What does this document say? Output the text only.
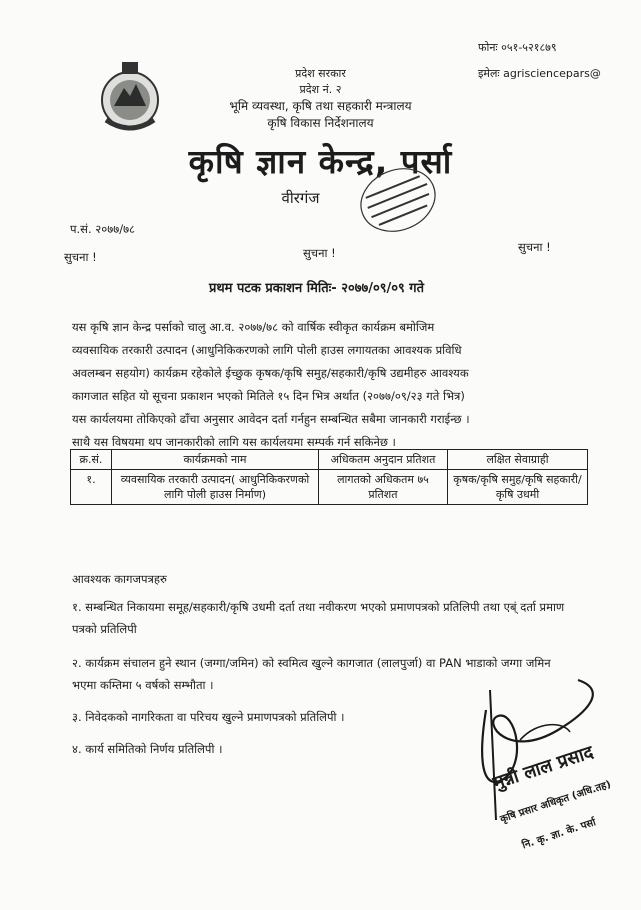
फोनः ०५१-५२१८७९
इमेलः agrisciencepars@
प्रदेश सरकार
प्रदेश नं. २
भूमि व्यवस्था, कृषि तथा सहकारी मन्त्रालय
कृषि विकास निर्देशनालय
कृषि ज्ञान केन्द्र, पर्सा
वीरगंज
प.सं. २०७७/७८
सुचना !	सुचना !	सुचना !
प्रथम पटक प्रकाशन मितिः- २०७७/०९/०९ गते
यस कृषि ज्ञान केन्द्र पर्साको चालु आ.व. २०७७/७८ को वार्षिक स्वीकृत कार्यक्रम बमोजिम
व्यवसायिक तरकारी उत्पादन (आधुनिकिकरणको लागि पोली हाउस लगायतका आवश्यक प्रविधि
अवलम्बन सहयोग) कार्यक्रम रहेकोले ईच्छुक कृषक/कृषि समुह/सहकारी/कृषि उद्यमीहरु आवश्यक
कागजात सहित यो सूचना प्रकाशन भएको मितिले १५ दिन भित्र अर्थात (२०७७/०९/२३ गते भित्र)
यस कार्यलयमा तोकिएको ढाँचा अनुसार आवेदन दर्ता गर्नहुन सम्बन्धित सबैमा जानकारी गराईन्छ ।
साथै यस विषयमा थप जानकारीको लागि यस कार्यलयमा सम्पर्क गर्न सकिनेछ ।
क्र.सं.	कार्यक्रमको नाम	अधिकतम अनुदान प्रतिशत	लक्षित सेवाग्राही
१.	व्यवसायिक तरकारी उत्पादन( आधुनिकिकरणको लागि पोली हाउस निर्माण)	लागतको अधिकतम ७५ प्रतिशत	कृषक/कृषि समुह/कृषि सहकारी/कृषि उधमी
आवश्यक कागजपत्रहरु
१. सम्बन्धित निकायमा समूह/सहकारी/कृषि उधमी दर्ता तथा नवीकरण भएको प्रमाणपत्रको प्रतिलिपी तथा एब्ं दर्ता प्रमाण पत्रको प्रतिलिपी
२. कार्यक्रम संचालन हुने स्थान (जग्गा/जमिन) को स्वमित्व खुल्ने कागजात (लालपुर्जा) वा PAN भाडाको जग्गा जमिन भएमा कम्तिमा ५ वर्षको सम्भौता ।
३. निवेदकको नागरिकता वा परिचय खुल्ने प्रमाणपत्रको प्रतिलिपी ।
४. कार्य समितिको निर्णय प्रतिलिपी ।	मुन्नी लाल प्रसाद
कृषि प्रसार अधिकृत (अधि.तह)
नि. कृ. ज्ञा. के. पर्सा
